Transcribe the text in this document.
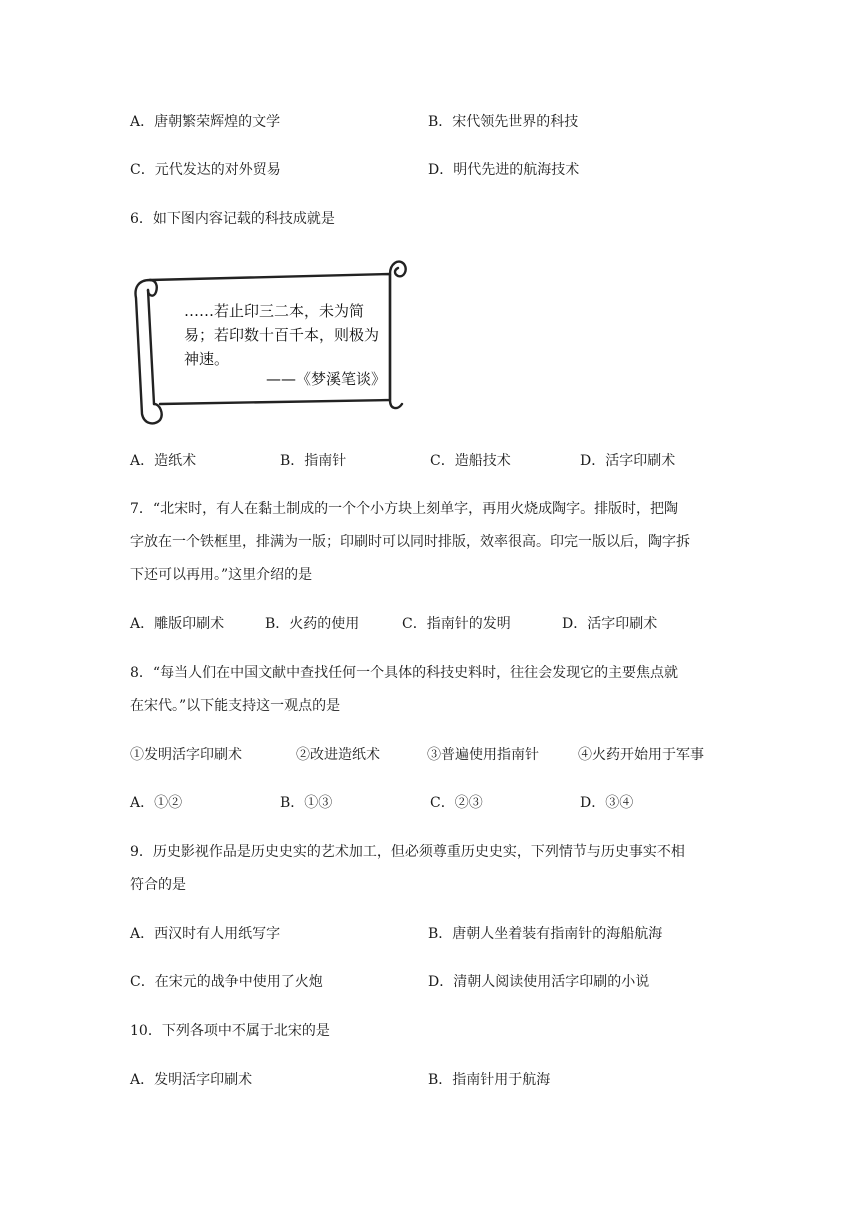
A．唐朝繁荣辉煌的文学	B．宋代领先世界的科技
C．元代发达的对外贸易	D．明代先进的航海技术
6．如下图内容记载的科技成就是
……若止印三二本，未为简
易；若印数十百千本，则极为
神速。
——《梦溪笔谈》
A．造纸术	B．指南针	C．造船技术	D．活字印刷术
7．“北宋时，有人在黏土制成的一个个小方块上刻单字，再用火烧成陶字。排版时，把陶
字放在一个铁框里，排满为一版；印刷时可以同时排版，效率很高。印完一版以后，陶字拆
下还可以再用。”这里介绍的是
A．雕版印刷术	B．火药的使用	C．指南针的发明	D．活字印刷术
8．“每当人们在中国文献中查找任何一个具体的科技史料时，往往会发现它的主要焦点就
在宋代。”以下能支持这一观点的是
①发明活字印刷术	②改进造纸术	③普遍使用指南针	④火药开始用于军事
A．①②	B．①③	C．②③	D．③④
9．历史影视作品是历史史实的艺术加工，但必须尊重历史史实，下列情节与历史事实不相
符合的是
A．西汉时有人用纸写字	B．唐朝人坐着装有指南针的海船航海
C．在宋元的战争中使用了火炮	D．清朝人阅读使用活字印刷的小说
10．下列各项中不属于北宋的是
A．发明活字印刷术	B．指南针用于航海
